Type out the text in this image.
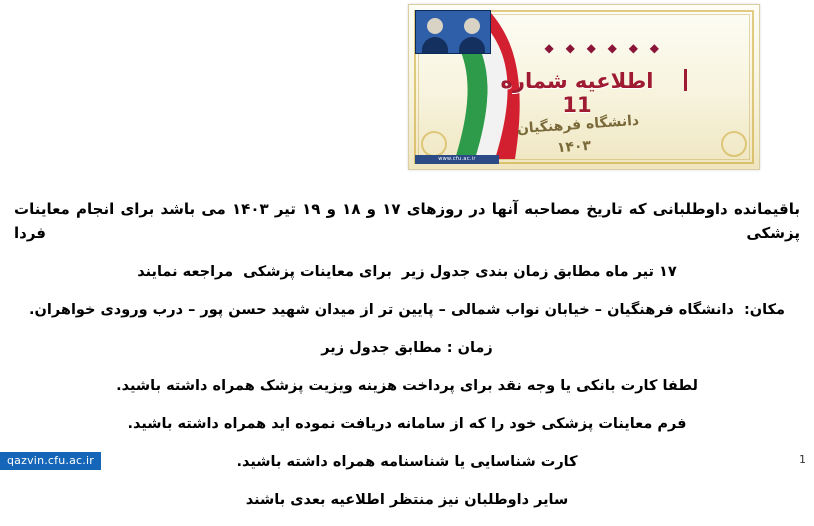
◆ ◆ ◆ ◆ ◆ ◆
اطلاعیه شماره 11
دانشگاه فرهنگیان
۱۴۰۳
www.cfu.ac.ir

باقیمانده داوطلبانی که تاریخ مصاحبه آنها در روزهای ۱۷ و ۱۸ و ۱۹ تیر ۱۴۰۳ می باشد برای انجام معاینات پزشکی فردا

۱۷ تیر ماه مطابق زمان بندی جدول زیر  برای معاینات پزشکی  مراجعه نمایند

مکان:  دانشگاه فرهنگیان – خیابان نواب شمالی – پایین تر از میدان شهید حسن پور – درب ورودی خواهران.

زمان : مطابق جدول زیر

لطفا کارت بانکی یا وجه نقد برای پرداخت هزینه ویزیت پزشک همراه داشته باشید.

فرم معاینات پزشکی خود را که از سامانه دریافت نموده اید همراه داشته باشید.

کارت شناسایی یا شناسنامه همراه داشته باشید.

سایر داوطلبان نیز منتظر اطلاعیه بعدی باشند

qazvin.cfu.ac.ir	1
